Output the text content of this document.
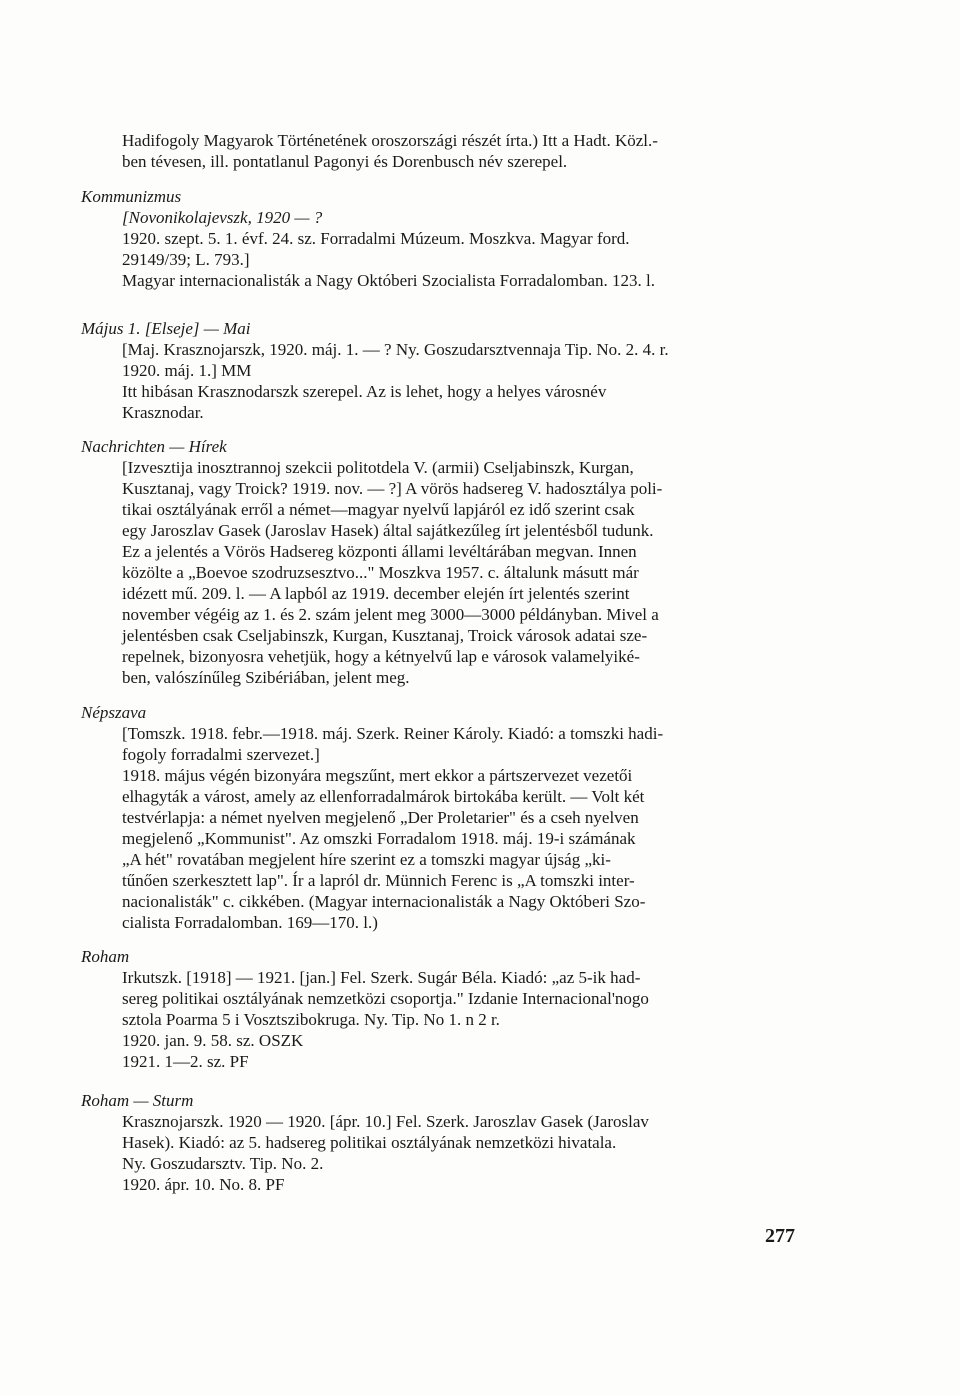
Hadifogoly Magyarok Történetének oroszországi részét írta.) Itt a Hadt. Közl.-
ben tévesen, ill. pontatlanul Pagonyi és Dorenbusch név szerepel.
Kommunizmus
[Novonikolajevszk, 1920 — ?
1920. szept. 5. 1. évf. 24. sz. Forradalmi Múzeum. Moszkva. Magyar ford.
29149/39; L. 793.]
Magyar internacionalisták a Nagy Októberi Szocialista Forradalomban. 123. l.
Május 1. [Elseje] — Mai
[Maj. Krasznojarszk, 1920. máj. 1. — ? Ny. Goszudarsztvennaja Tip. No. 2. 4. r.
1920. máj. 1.] MM
Itt hibásan Krasznodarszk szerepel. Az is lehet, hogy a helyes városnév
Krasznodar.
Nachrichten — Hírek
[Izvesztija inosztrannoj szekcii politotdela V. (armii) Cseljabinszk, Kurgan,
Kusztanaj, vagy Troick? 1919. nov. — ?] A vörös hadsereg V. hadosztálya poli-
tikai osztályának erről a német—magyar nyelvű lapjáról ez idő szerint csak
egy Jaroszlav Gasek (Jaroslav Hasek) által sajátkezűleg írt jelentésből tudunk.
Ez a jelentés a Vörös Hadsereg központi állami levéltárában megvan. Innen
közölte a „Boevoe szodruzsesztvo..." Moszkva 1957. c. általunk másutt már
idézett mű. 209. l. — A lapból az 1919. december elején írt jelentés szerint
november végéig az 1. és 2. szám jelent meg 3000—3000 példányban. Mivel a
jelentésben csak Cseljabinszk, Kurgan, Kusztanaj, Troick városok adatai sze-
repelnek, bizonyosra vehetjük, hogy a kétnyelvű lap e városok valamelyiké-
ben, valószínűleg Szibériában, jelent meg.
Népszava
[Tomszk. 1918. febr.—1918. máj. Szerk. Reiner Károly. Kiadó: a tomszki hadi-
fogoly forradalmi szervezet.]
1918. május végén bizonyára megszűnt, mert ekkor a pártszervezet vezetői
elhagyták a várost, amely az ellenforradalmárok birtokába került. — Volt két
testvérlapja: a német nyelven megjelenő „Der Proletarier" és a cseh nyelven
megjelenő „Kommunist". Az omszki Forradalom 1918. máj. 19-i számának
„A hét" rovatában megjelent híre szerint ez a tomszki magyar újság „ki-
tűnően szerkesztett lap". Ír a lapról dr. Münnich Ferenc is „A tomszki inter-
nacionalisták" c. cikkében. (Magyar internacionalisták a Nagy Októberi Szo-
cialista Forradalomban. 169—170. l.)
Roham
Irkutszk. [1918] — 1921. [jan.] Fel. Szerk. Sugár Béla. Kiadó: „az 5-ik had-
sereg politikai osztályának nemzetközi csoportja." Izdanie Internacional'nogo
sztola Poarma 5 i Vosztszibokruga. Ny. Tip. No 1. n 2 r.
1920. jan. 9. 58. sz. OSZK
1921. 1—2. sz. PF
Roham — Sturm
Krasznojarszk. 1920 — 1920. [ápr. 10.] Fel. Szerk. Jaroszlav Gasek (Jaroslav
Hasek). Kiadó: az 5. hadsereg politikai osztályának nemzetközi hivatala.
Ny. Goszudarsztv. Tip. No. 2.
1920. ápr. 10. No. 8. PF
277
